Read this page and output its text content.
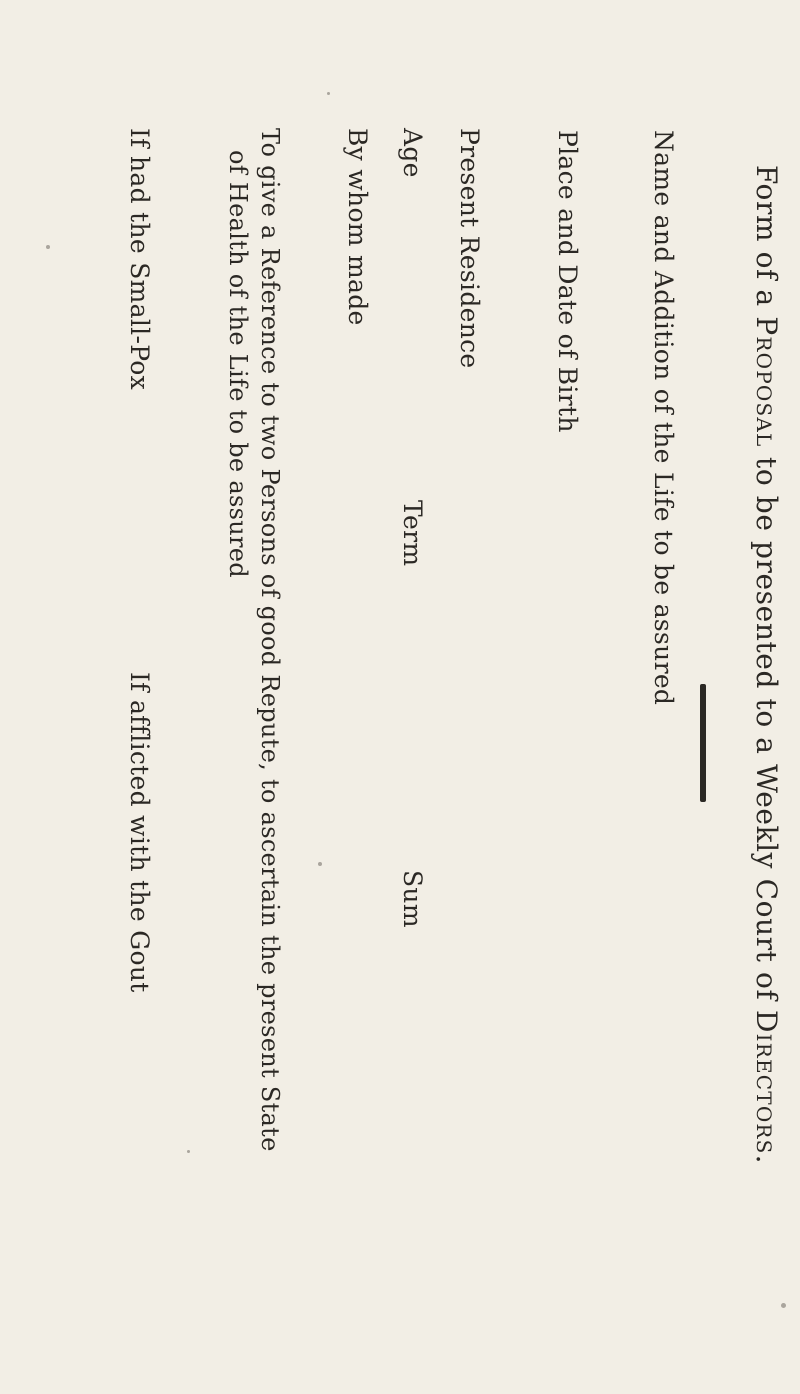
Form of a Proposal to be presented to a Weekly Court of Directors.
Name and Addition of the Life to be assured
Place and Date of Birth
Present Residence
Age
Term
Sum
By whom made
To give a Reference to two Persons of good Repute, to ascertain the present State
of Health of the Life to be assured
If had the Small-Pox
If afflicted with the Gout
